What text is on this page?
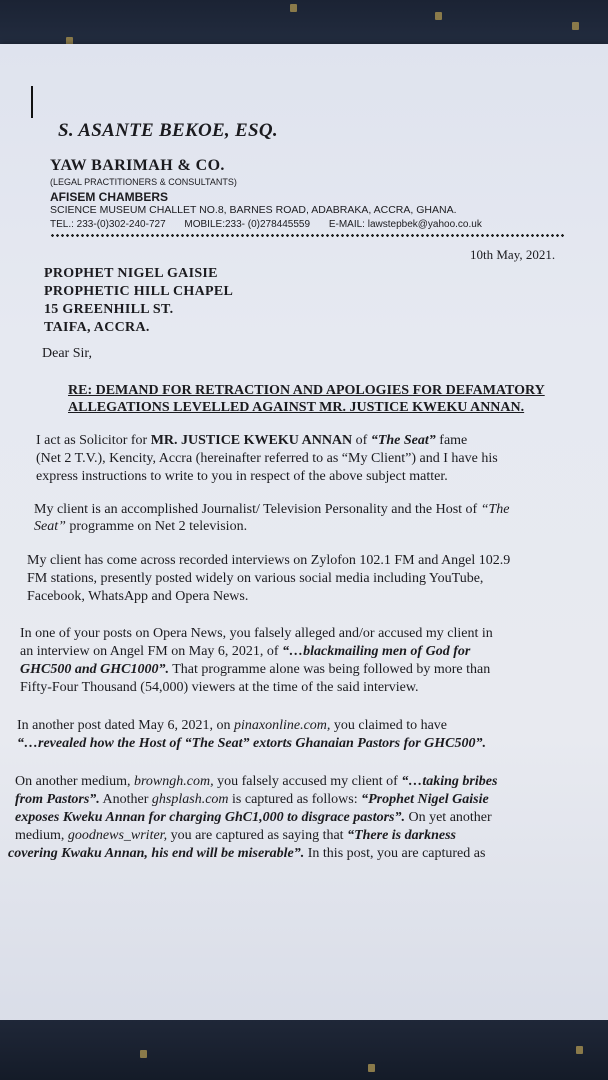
S. ASANTE BEKOE, ESQ.
YAW BARIMAH & CO.
(LEGAL PRACTITIONERS & CONSULTANTS)
AFISEM CHAMBERS
SCIENCE MUSEUM CHALLET NO.8, BARNES ROAD, ADABRAKA, ACCRA, GHANA.
TEL.: 233-(0)302-240-727 MOBILE:233- (0)278445559 E-MAIL: lawstepbek@yahoo.co.uk
10th May, 2021.
PROPHET NIGEL GAISIE
PROPHETIC HILL CHAPEL
15 GREENHILL ST.
TAIFA, ACCRA.
Dear Sir,
RE: DEMAND FOR RETRACTION AND APOLOGIES FOR DEFAMATORY
ALLEGATIONS LEVELLED AGAINST MR. JUSTICE KWEKU ANNAN.
I act as Solicitor for MR. JUSTICE KWEKU ANNAN of “The Seat” fame
(Net 2 T.V.), Kencity, Accra (hereinafter referred to as “My Client”) and I have his
express instructions to write to you in respect of the above subject matter.
My client is an accomplished Journalist/ Television Personality and the Host of “The
Seat” programme on Net 2 television.
My client has come across recorded interviews on Zylofon 102.1 FM and Angel 102.9
FM stations, presently posted widely on various social media including YouTube,
Facebook, WhatsApp and Opera News.
In one of your posts on Opera News, you falsely alleged and/or accused my client in
an interview on Angel FM on May 6, 2021, of “…blackmailing men of God for
GHC500 and GHC1000”. That programme alone was being followed by more than
Fifty-Four Thousand (54,000) viewers at the time of the said interview.
In another post dated May 6, 2021, on pinaxonline.com, you claimed to have
“…revealed how the Host of “The Seat” extorts Ghanaian Pastors for GHC500”.
On another medium, browngh.com, you falsely accused my client of “…taking bribes
from Pastors”. Another ghsplash.com is captured as follows: “Prophet Nigel Gaisie
exposes Kweku Annan for charging GhC1,000 to disgrace pastors”. On yet another
medium, goodnews_writer, you are captured as saying that “There is darkness
covering Kwaku Annan, his end will be miserable”. In this post, you are captured as
